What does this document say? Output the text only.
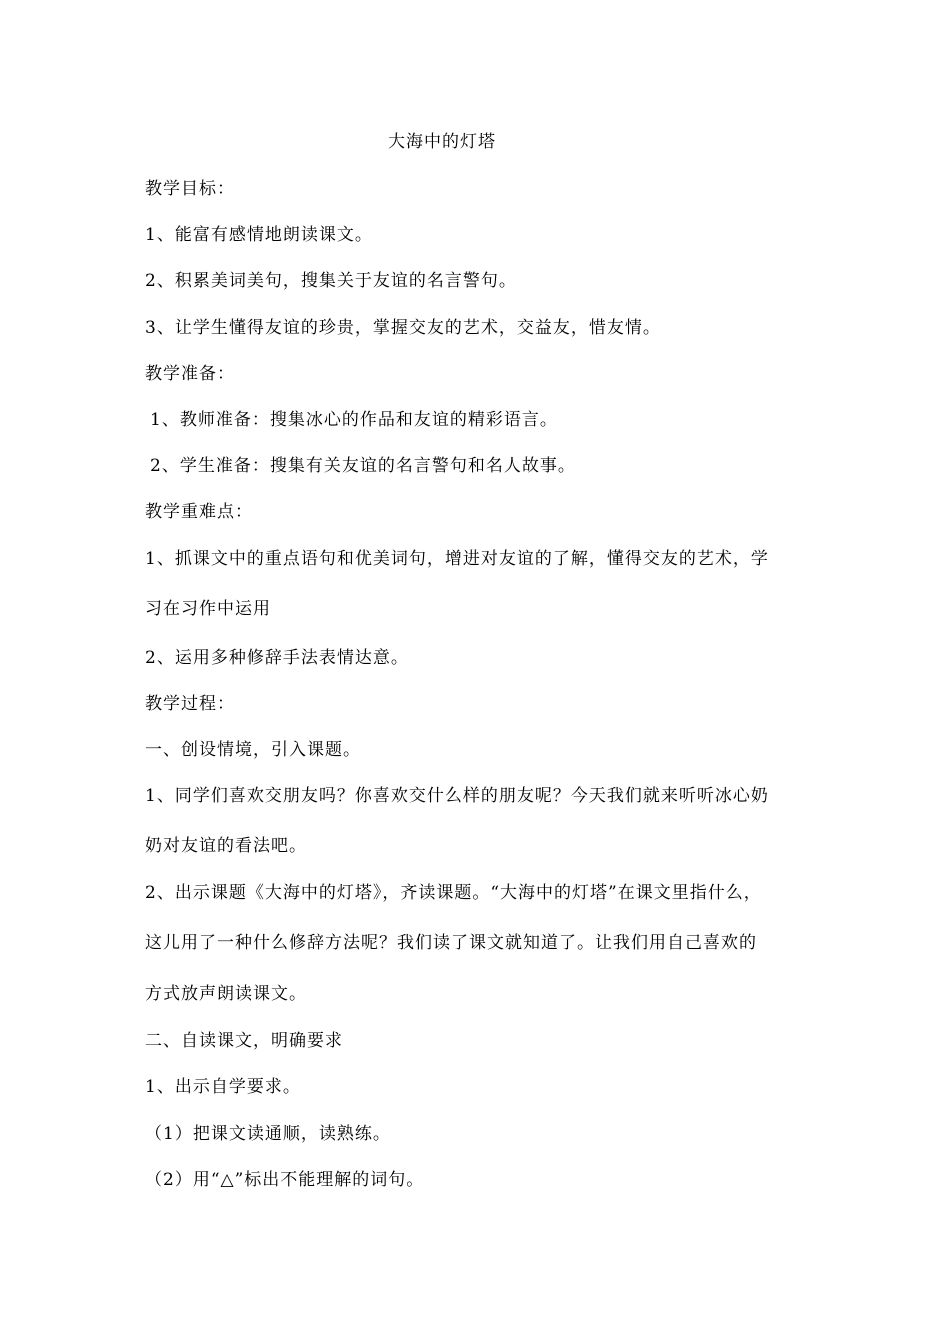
大海中的灯塔
教学目标：
1、能富有感情地朗读课文。
2、积累美词美句，搜集关于友谊的名言警句。
3、让学生懂得友谊的珍贵，掌握交友的艺术，交益友，惜友情。
教学准备：
1、教师准备：搜集冰心的作品和友谊的精彩语言。
2、学生准备：搜集有关友谊的名言警句和名人故事。
教学重难点：
1、抓课文中的重点语句和优美词句，增进对友谊的了解，懂得交友的艺术，学
习在习作中运用
2、运用多种修辞手法表情达意。
教学过程：
一、创设情境，引入课题。
1、同学们喜欢交朋友吗？你喜欢交什么样的朋友呢？今天我们就来听听冰心奶
奶对友谊的看法吧。
2、出示课题《大海中的灯塔》，齐读课题。“大海中的灯塔”在课文里指什么，
这儿用了一种什么修辞方法呢？我们读了课文就知道了。让我们用自己喜欢的
方式放声朗读课文。
二、自读课文，明确要求
1、出示自学要求。
（1）把课文读通顺，读熟练。
（2）用“△”标出不能理解的词句。
